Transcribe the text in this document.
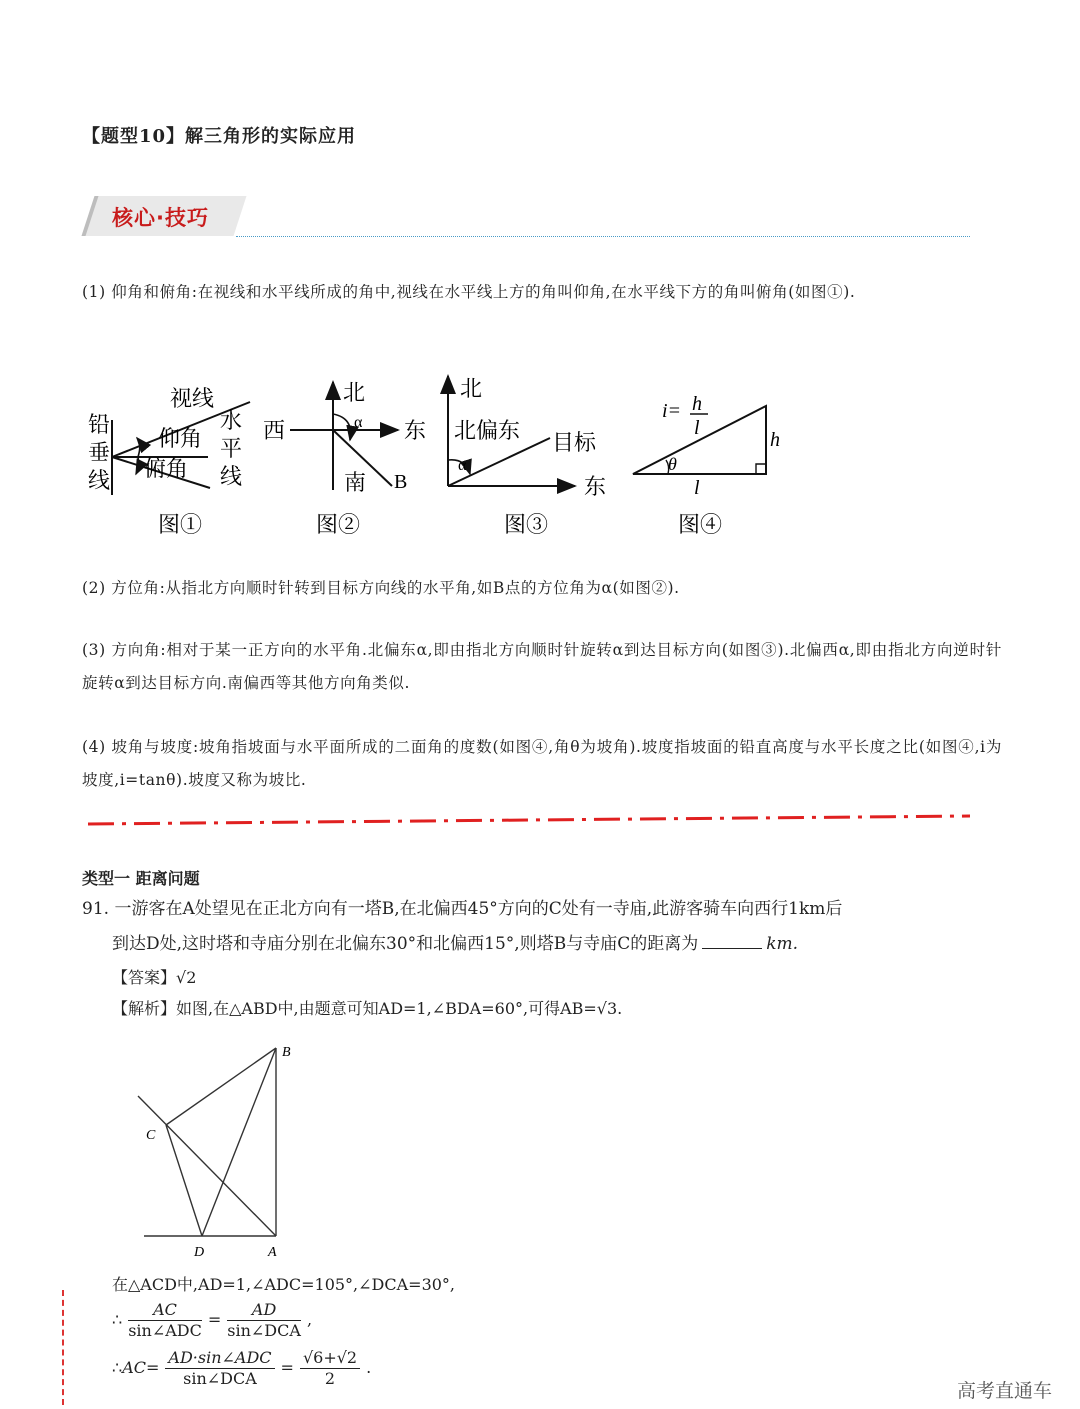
【题型10】解三角形的实际应用
核心·技巧
(1) 仰角和俯角:在视线和水平线所成的角中,视线在水平线上方的角叫仰角,在水平线下方的角叫俯角(如图①).
铅
垂
线
视线
仰角
俯角
水
平
线
图①
北
西	东
南
α
B
图②
北
北偏东 目标
α
东
图③
i= h
l
h
l
θ
图④
(2) 方位角:从指北方向顺时针转到目标方向线的水平角,如B点的方位角为α(如图②).
(3) 方向角:相对于某一正方向的水平角.北偏东α,即由指北方向顺时针旋转α到达目标方向(如图③).北偏西α,即由指北方向逆时针旋转α到达目标方向.南偏西等其他方向角类似.
(4) 坡角与坡度:坡角指坡面与水平面所成的二面角的度数(如图④,角θ为坡角).坡度指坡面的铅直高度与水平长度之比(如图④,i为坡度,i=tanθ).坡度又称为坡比.
类型一 距离问题
91. 一游客在A处望见在正北方向有一塔B,在北偏西45°方向的C处有一寺庙,此游客骑车向西行1km后
到达D处,这时塔和寺庙分别在北偏东30°和北偏西15°,则塔B与寺庙C的距离为	km.
【答案】√2
【解析】如图,在△ABD中,由题意可知AD=1,∠BDA=60°,可得AB=√3.
B
C
D	A
在△ACD中,AD=1,∠ADC=105°,∠DCA=30°,
∴ $\frac{AC}{\text{sin∠ADC}} = \frac{AD}{\text{sin∠DCA}}$ ,
∴AC= $\frac{\text{AD·sin∠ADC}}{\text{sin∠DCA}} = \frac{√6+√2}{2}$ .
高考直通车
